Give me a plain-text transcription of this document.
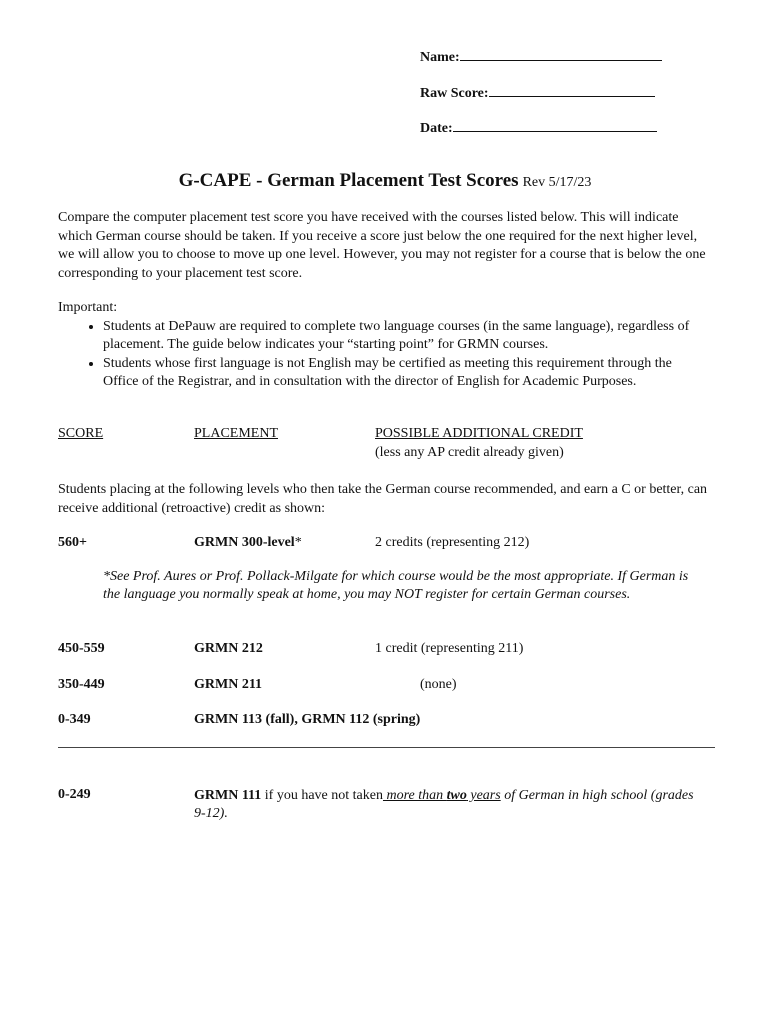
Name:
Raw Score:
Date:
G-CAPE - German Placement Test Scores Rev 5/17/23

Compare the computer placement test score you have received with the courses listed below. This will indicate which German course should be taken. If you receive a score just below the one required for the next higher level, we will allow you to choose to move up one level. However, you may not register for a course that is below the one corresponding to your placement test score.

Important:

• Students at DePauw are required to complete two language courses (in the same language), regardless of placement. The guide below indicates your “starting point” for GRMN courses.
• Students whose first language is not English may be certified as meeting this requirement through the Office of the Registrar, and in consultation with the director of English for Academic Purposes.
SCORE	PLACEMENT	POSSIBLE ADDITIONAL CREDIT
(less any AP credit already given)

Students placing at the following levels who then take the German course recommended, and earn a C or better, can receive additional (retroactive) credit as shown:

560+	GRMN 300-level*	2 credits (representing 212)

*See Prof. Aures or Prof. Pollack-Milgate for which course would be the most appropriate. If German is the language you normally speak at home, you may NOT register for certain German courses.

450-559	GRMN 212	1 credit (representing 211)
350-449	GRMN 211	(none)
0-349	GRMN 113 (fall), GRMN 112 (spring)
0-249	GRMN 111 if you have not taken more than two years of German in high school (grades 9-12).
